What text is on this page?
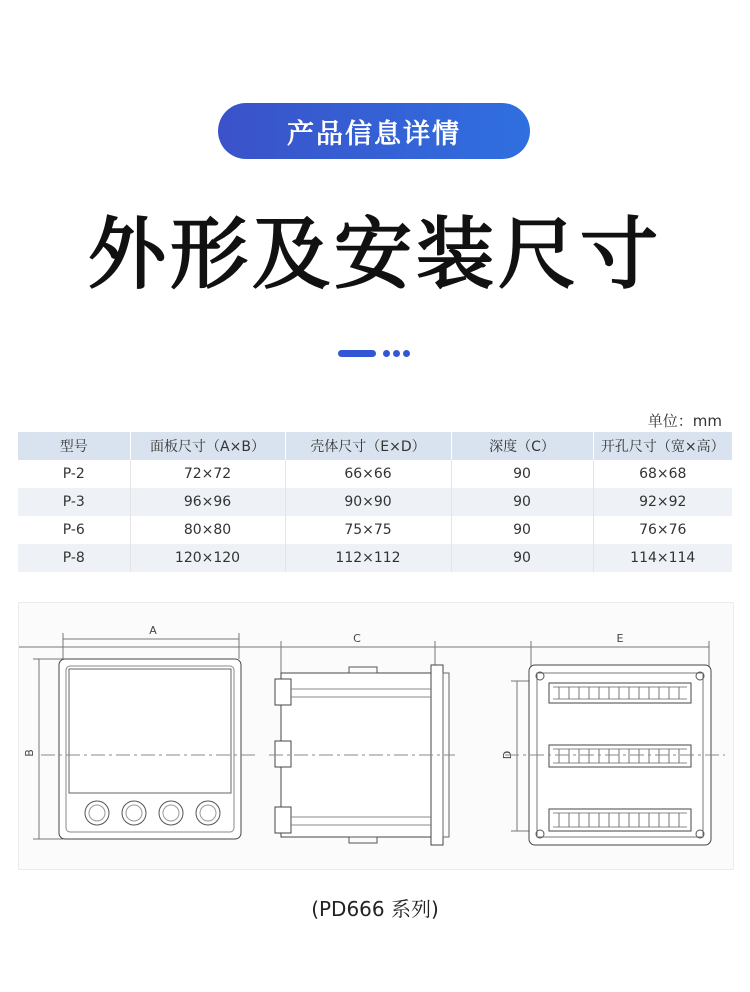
产品信息详情
外形及安装尺寸
单位：mm
型号	面板尺寸（A×B）	壳体尺寸（E×D）	深度（C）	开孔尺寸（宽×高）
P-2	72×72	66×66	90	68×68
P-3	96×96	90×90	90	92×92
P-6	80×80	75×75	90	76×76
P-8	120×120	112×112	90	114×114
A
B
C	E
D
(PD666 系列)
